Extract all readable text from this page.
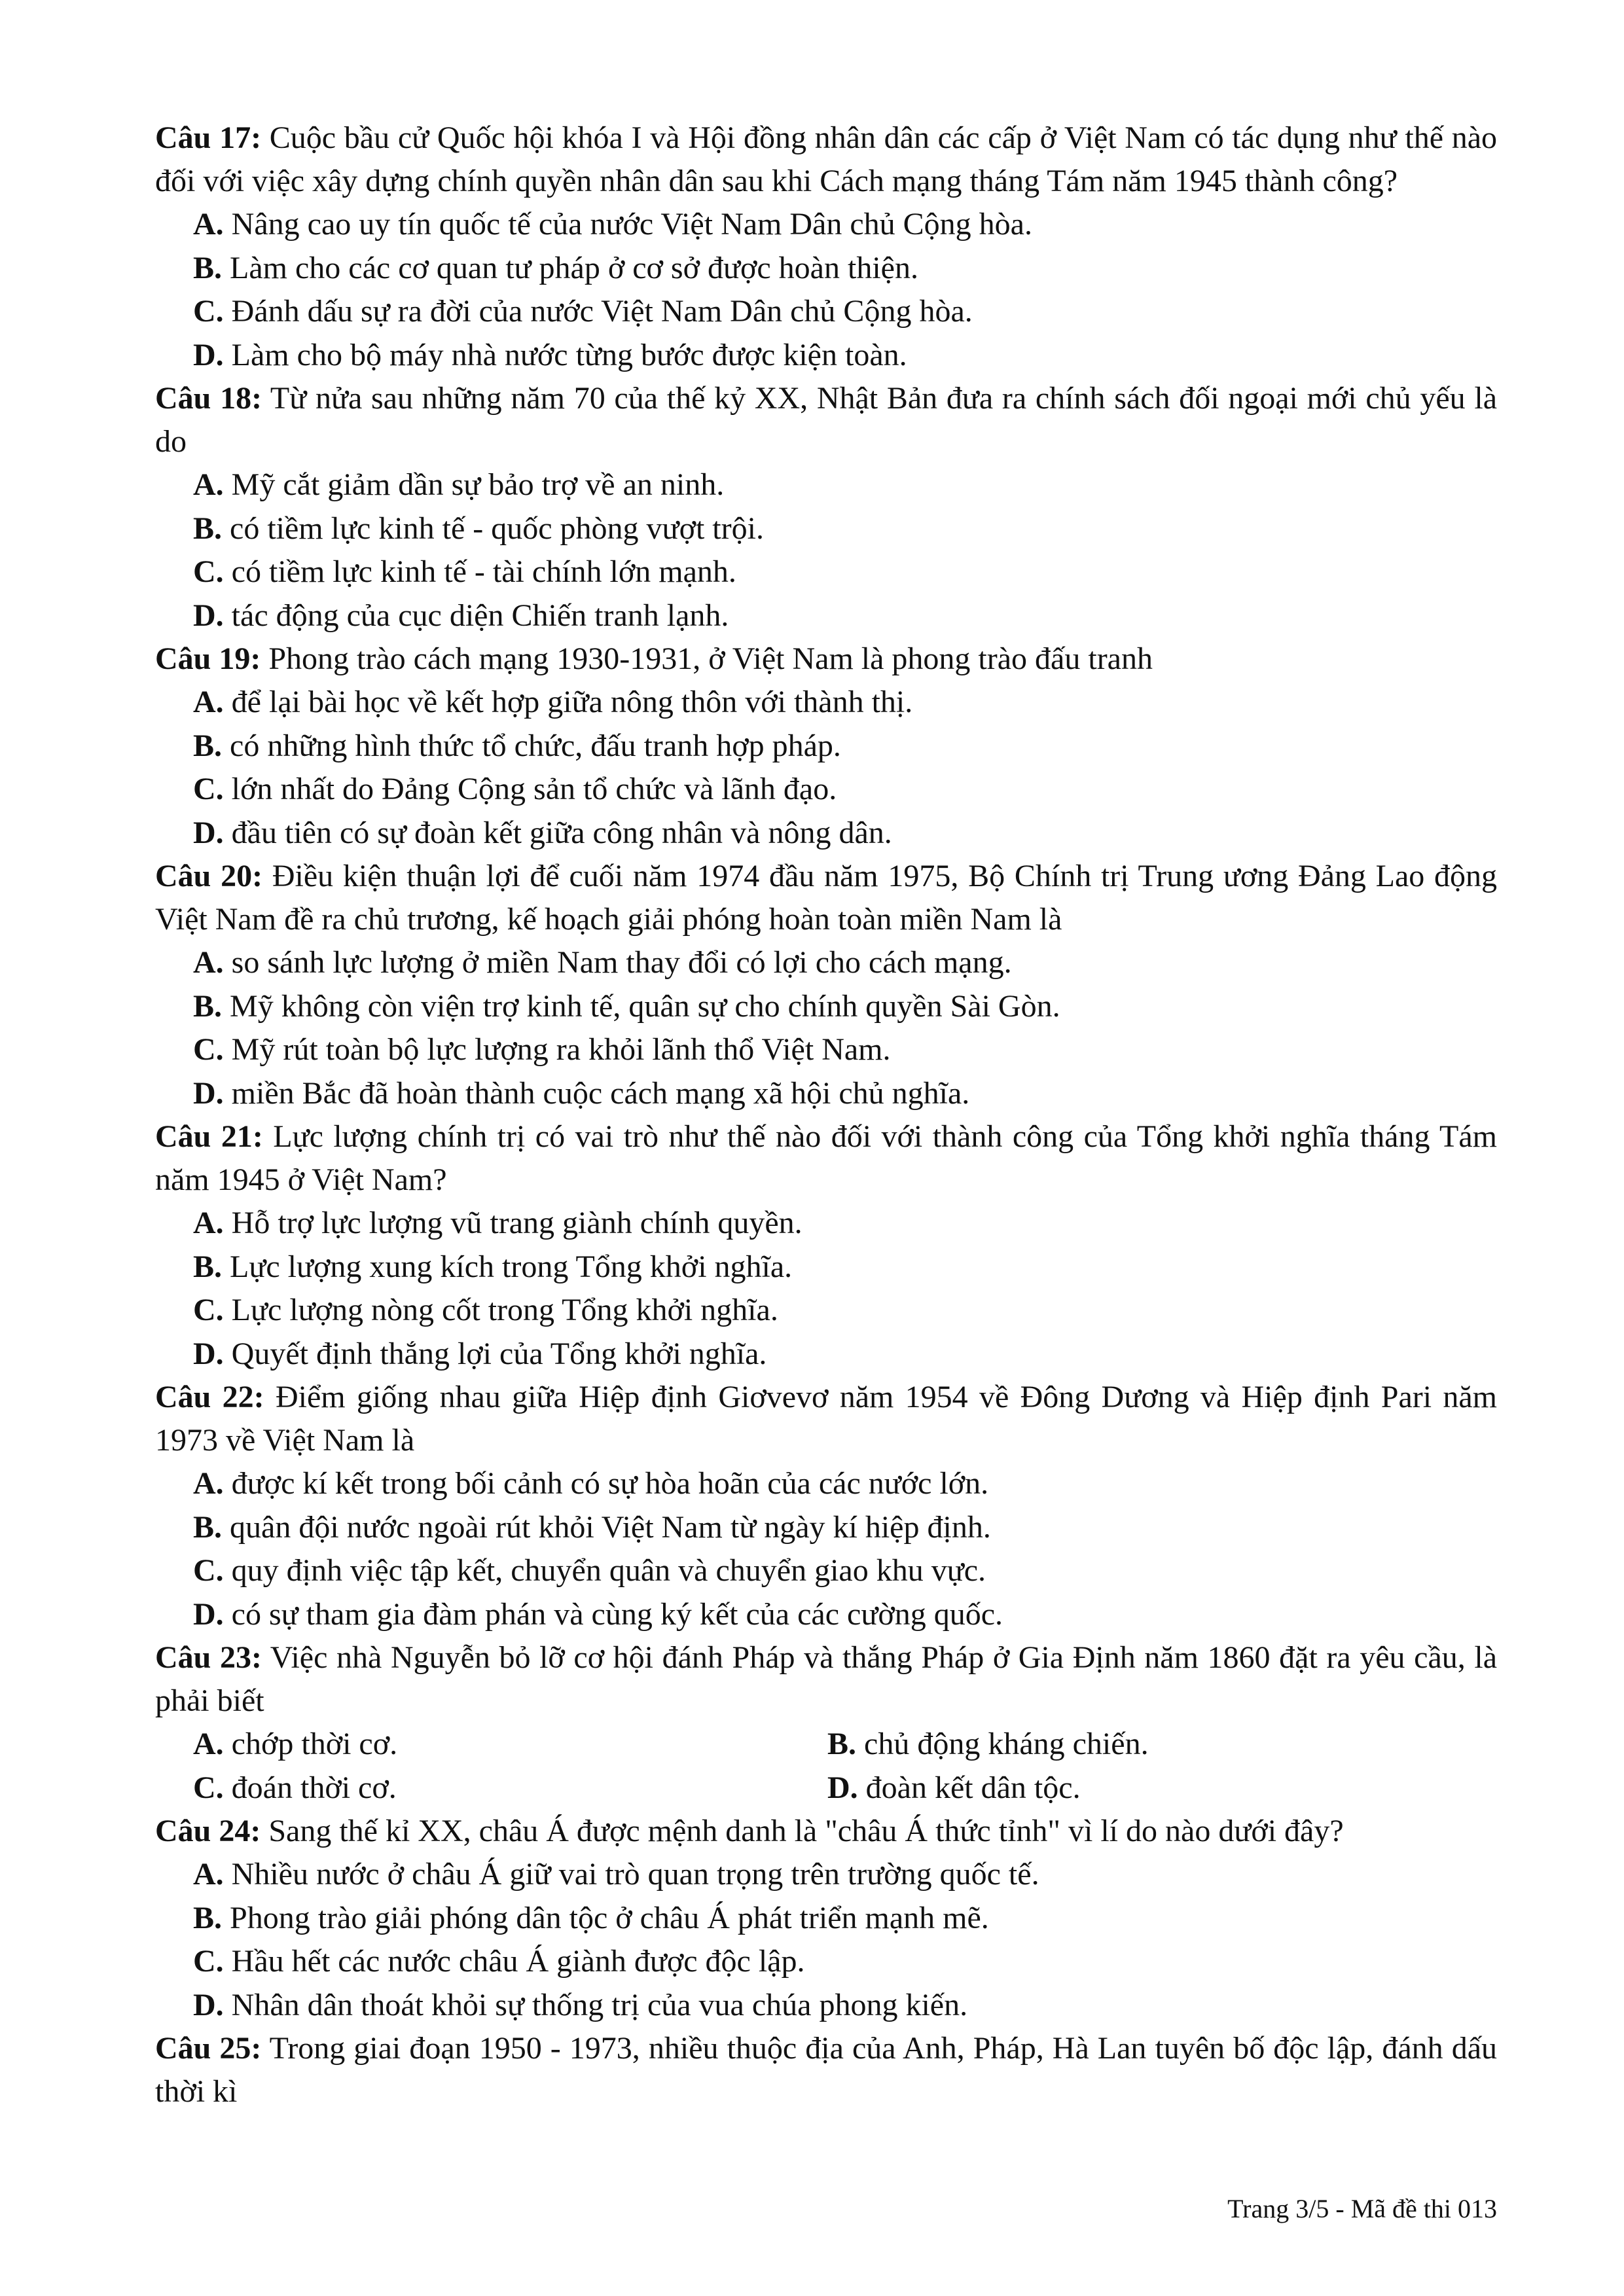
Câu 17: Cuộc bầu cử Quốc hội khóa I và Hội đồng nhân dân các cấp ở Việt Nam có tác dụng như thế nào đối với việc xây dựng chính quyền nhân dân sau khi Cách mạng tháng Tám năm 1945 thành công?

A. Nâng cao uy tín quốc tế của nước Việt Nam Dân chủ Cộng hòa.
B. Làm cho các cơ quan tư pháp ở cơ sở được hoàn thiện.
C. Đánh dấu sự ra đời của nước Việt Nam Dân chủ Cộng hòa.
D. Làm cho bộ máy nhà nước từng bước được kiện toàn.

Câu 18: Từ nửa sau những năm 70 của thế kỷ XX, Nhật Bản đưa ra chính sách đối ngoại mới chủ yếu là do

A. Mỹ cắt giảm dần sự bảo trợ về an ninh.
B. có tiềm lực kinh tế - quốc phòng vượt trội.
C. có tiềm lực kinh tế - tài chính lớn mạnh.
D. tác động của cục diện Chiến tranh lạnh.

Câu 19: Phong trào cách mạng 1930-1931, ở Việt Nam là phong trào đấu tranh

A. để lại bài học về kết hợp giữa nông thôn với thành thị.
B. có những hình thức tổ chức, đấu tranh hợp pháp.
C. lớn nhất do Đảng Cộng sản tổ chức và lãnh đạo.
D. đầu tiên có sự đoàn kết giữa công nhân và nông dân.

Câu 20: Điều kiện thuận lợi để cuối năm 1974 đầu năm 1975, Bộ Chính trị Trung ương Đảng Lao động Việt Nam đề ra chủ trương, kế hoạch giải phóng hoàn toàn miền Nam là

A. so sánh lực lượng ở miền Nam thay đổi có lợi cho cách mạng.
B. Mỹ không còn viện trợ kinh tế, quân sự cho chính quyền Sài Gòn.
C. Mỹ rút toàn bộ lực lượng ra khỏi lãnh thổ Việt Nam.
D. miền Bắc đã hoàn thành cuộc cách mạng xã hội chủ nghĩa.

Câu 21: Lực lượng chính trị có vai trò như thế nào đối với thành công của Tổng khởi nghĩa tháng Tám năm 1945 ở Việt Nam?

A. Hỗ trợ lực lượng vũ trang giành chính quyền.
B. Lực lượng xung kích trong Tổng khởi nghĩa.
C. Lực lượng nòng cốt trong Tổng khởi nghĩa.
D. Quyết định thắng lợi của Tổng khởi nghĩa.

Câu 22: Điểm giống nhau giữa Hiệp định Giơvevơ năm 1954 về Đông Dương và Hiệp định Pari năm 1973 về Việt Nam là

A. được kí kết trong bối cảnh có sự hòa hoãn của các nước lớn.
B. quân đội nước ngoài rút khỏi Việt Nam từ ngày kí hiệp định.
C. quy định việc tập kết, chuyển quân và chuyển giao khu vực.
D. có sự tham gia đàm phán và cùng ký kết của các cường quốc.

Câu 23: Việc nhà Nguyễn bỏ lỡ cơ hội đánh Pháp và thắng Pháp ở Gia Định năm 1860 đặt ra yêu cầu, là phải biết

A. chớp thời cơ.	B. chủ động kháng chiến.
C. đoán thời cơ.	D. đoàn kết dân tộc.

Câu 24: Sang thế kỉ XX, châu Á được mệnh danh là "châu Á thức tỉnh" vì lí do nào dưới đây?

A. Nhiều nước ở châu Á giữ vai trò quan trọng trên trường quốc tế.
B. Phong trào giải phóng dân tộc ở châu Á phát triển mạnh mẽ.
C. Hầu hết các nước châu Á giành được độc lập.
D. Nhân dân thoát khỏi sự thống trị của vua chúa phong kiến.

Câu 25: Trong giai đoạn 1950 - 1973, nhiều thuộc địa của Anh, Pháp, Hà Lan tuyên bố độc lập, đánh dấu thời kì

Trang 3/5 - Mã đề thi 013
